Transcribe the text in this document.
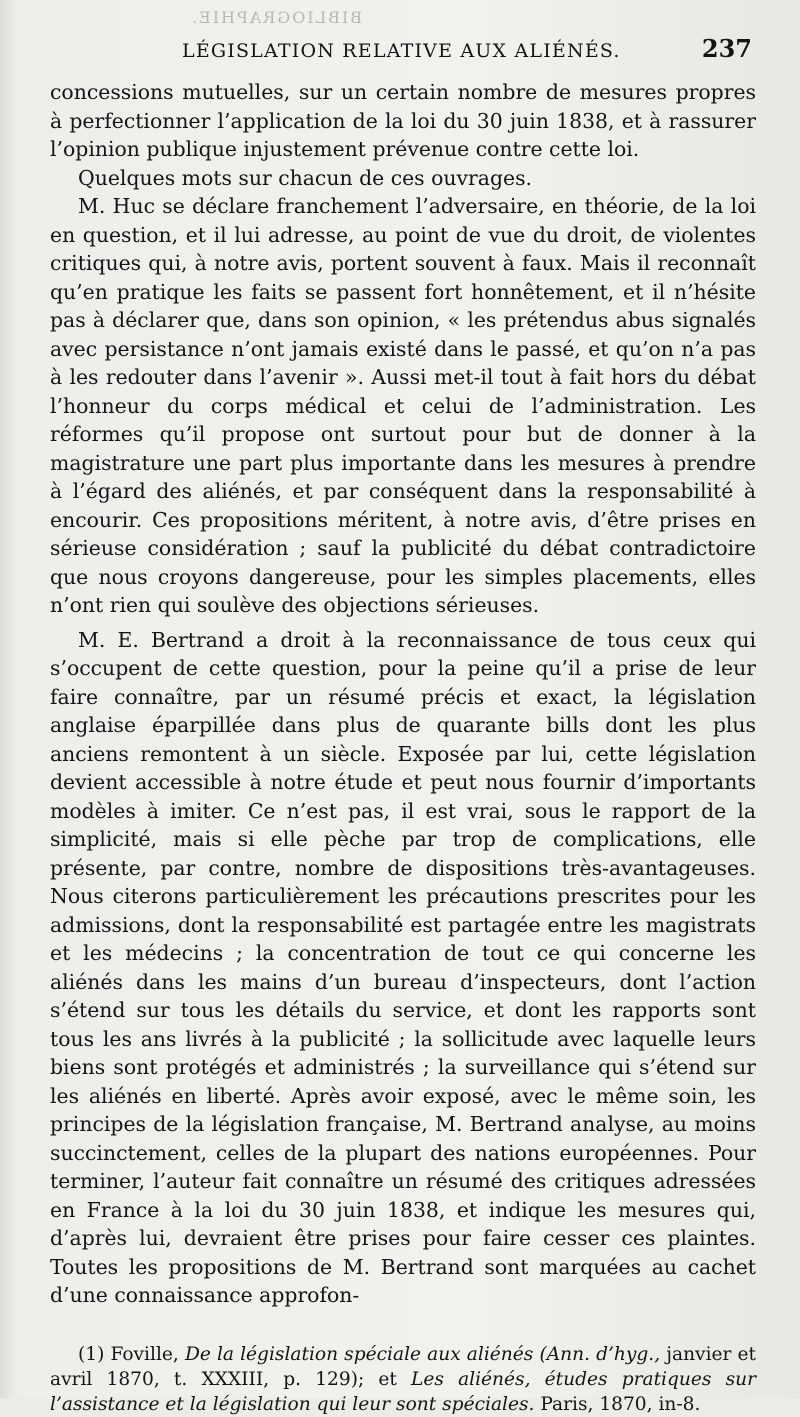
BIBLIOGRAPHIE.
LÉGISLATION RELATIVE AUX ALIÉNÉS.	237

concessions mutuelles, sur un certain nombre de mesures propres à perfectionner l’application de la loi du 30 juin 1838, et à rassurer l’opinion publique injustement prévenue contre cette loi.

Quelques mots sur chacun de ces ouvrages.

M. Huc se déclare franchement l’adversaire, en théorie, de la loi en question, et il lui adresse, au point de vue du droit, de violentes critiques qui, à notre avis, portent souvent à faux. Mais il reconnaît qu’en pratique les faits se passent fort honnêtement, et il n’hésite pas à déclarer que, dans son opinion, « les prétendus abus signalés avec persistance n’ont jamais existé dans le passé, et qu’on n’a pas à les redouter dans l’avenir ». Aussi met-il tout à fait hors du débat l’honneur du corps médical et celui de l’administration. Les réformes qu’il propose ont surtout pour but de donner à la magistrature une part plus importante dans les mesures à prendre à l’égard des aliénés, et par conséquent dans la responsabilité à encourir. Ces propositions méritent, à notre avis, d’être prises en sérieuse considération ; sauf la publicité du débat contradictoire que nous croyons dangereuse, pour les simples placements, elles n’ont rien qui soulève des objections sérieuses.

M. E. Bertrand a droit à la reconnaissance de tous ceux qui s’occupent de cette question, pour la peine qu’il a prise de leur faire connaître, par un résumé précis et exact, la législation anglaise éparpillée dans plus de quarante bills dont les plus anciens remontent à un siècle. Exposée par lui, cette législation devient accessible à notre étude et peut nous fournir d’importants modèles à imiter. Ce n’est pas, il est vrai, sous le rapport de la simplicité, mais si elle pèche par trop de complications, elle présente, par contre, nombre de dispositions très-avantageuses. Nous citerons particulièrement les précautions prescrites pour les admissions, dont la responsabilité est partagée entre les magistrats et les médecins ; la concentration de tout ce qui concerne les aliénés dans les mains d’un bureau d’inspecteurs, dont l’action s’étend sur tous les détails du service, et dont les rapports sont tous les ans livrés à la publicité ; la sollicitude avec laquelle leurs biens sont protégés et administrés ; la surveillance qui s’étend sur les aliénés en liberté. Après avoir exposé, avec le même soin, les principes de la législation française, M. Bertrand analyse, au moins succinctement, celles de la plupart des nations européennes. Pour terminer, l’auteur fait connaître un résumé des critiques adressées en France à la loi du 30 juin 1838, et indique les mesures qui, d’après lui, devraient être prises pour faire cesser ces plaintes. Toutes les propositions de M. Bertrand sont marquées au cachet d’une connaissance approfon-

(1) Foville, De la législation spéciale aux aliénés (Ann. d’hyg., janvier et avril 1870, t. XXXIII, p. 129); et Les aliénés, études pratiques sur l’assistance et la législation qui leur sont spéciales. Paris, 1870, in-8.
